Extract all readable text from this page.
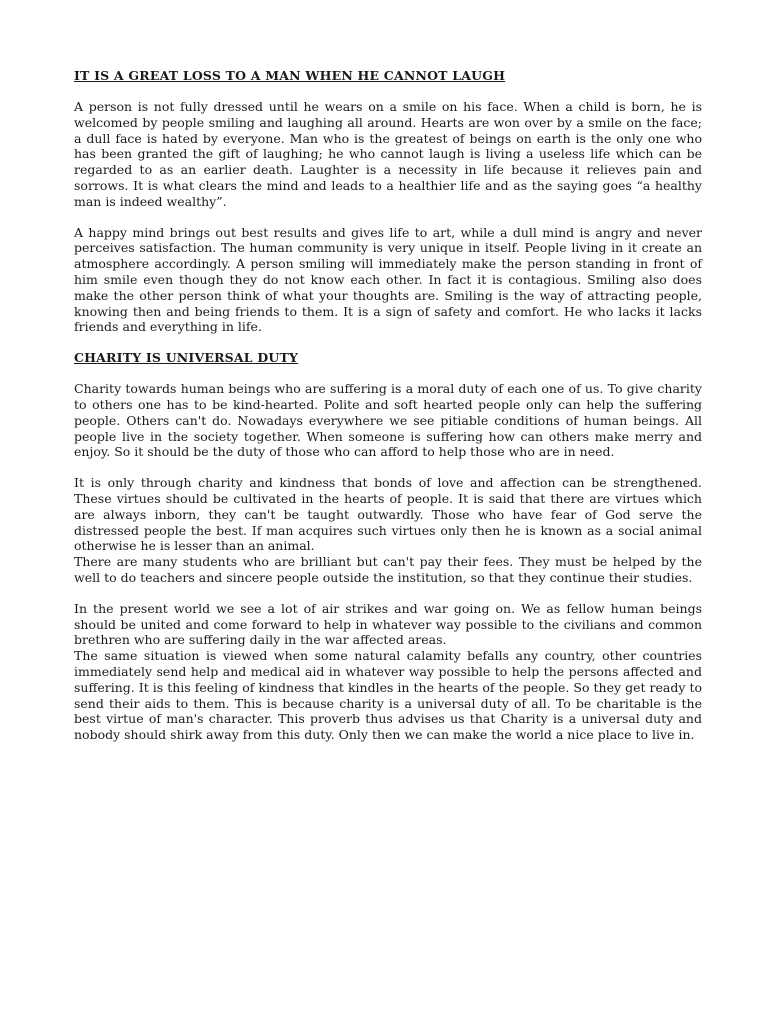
IT IS A GREAT LOSS TO A MAN WHEN HE CANNOT LAUGH

A person is not fully dressed until he wears on a smile on his face. When a child is born, he is welcomed by people smiling and laughing all around. Hearts are won over by a smile on the face; a dull face is hated by everyone. Man who is the greatest of beings on earth is the only one who has been granted the gift of laughing; he who cannot laugh is living a useless life which can be regarded to as an earlier death. Laughter is a necessity in life because it relieves pain and sorrows. It is what clears the mind and leads to a healthier life and as the saying goes “a healthy man is indeed wealthy”.

A happy mind brings out best results and gives life to art, while a dull mind is angry and never perceives satisfaction. The human community is very unique in itself. People living in it create an atmosphere accordingly. A person smiling will immediately make the person standing in front of him smile even though they do not know each other. In fact it is contagious. Smiling also does make the other person think of what your thoughts are. Smiling is the way of attracting people, knowing then and being friends to them. It is a sign of safety and comfort. He who lacks it lacks friends and everything in life.

CHARITY IS UNIVERSAL DUTY

Charity towards human beings who are suffering is a moral duty of each one of us. To give charity to others one has to be kind-hearted. Polite and soft hearted people only can help the suffering people. Others can't do. Nowadays everywhere we see pitiable conditions of human beings. All people live in the society together. When someone is suffering how can others make merry and enjoy. So it should be the duty of those who can afford to help those who are in need.

It is only through charity and kindness that bonds of love and affection can be strengthened. These virtues should be cultivated in the hearts of people. It is said that there are virtues which are always inborn, they can't be taught outwardly. Those who have fear of God serve the distressed people the best. If man acquires such virtues only then he is known as a social animal otherwise he is lesser than an animal.

There are many students who are brilliant but can't pay their fees. They must be helped by the well to do teachers and sincere people outside the institution, so that they continue their studies.

In the present world we see a lot of air strikes and war going on. We as fellow human beings should be united and come forward to help in whatever way possible to the civilians and common brethren who are suffering daily in the war affected areas.

The same situation is viewed when some natural calamity befalls any country, other countries immediately send help and medical aid in whatever way possible to help the persons affected and suffering. It is this feeling of kindness that kindles in the hearts of the people. So they get ready to send their aids to them. This is because charity is a universal duty of all. To be charitable is the best virtue of man's character. This proverb thus advises us that Charity is a universal duty and nobody should shirk away from this duty. Only then we can make the world a nice place to live in.
